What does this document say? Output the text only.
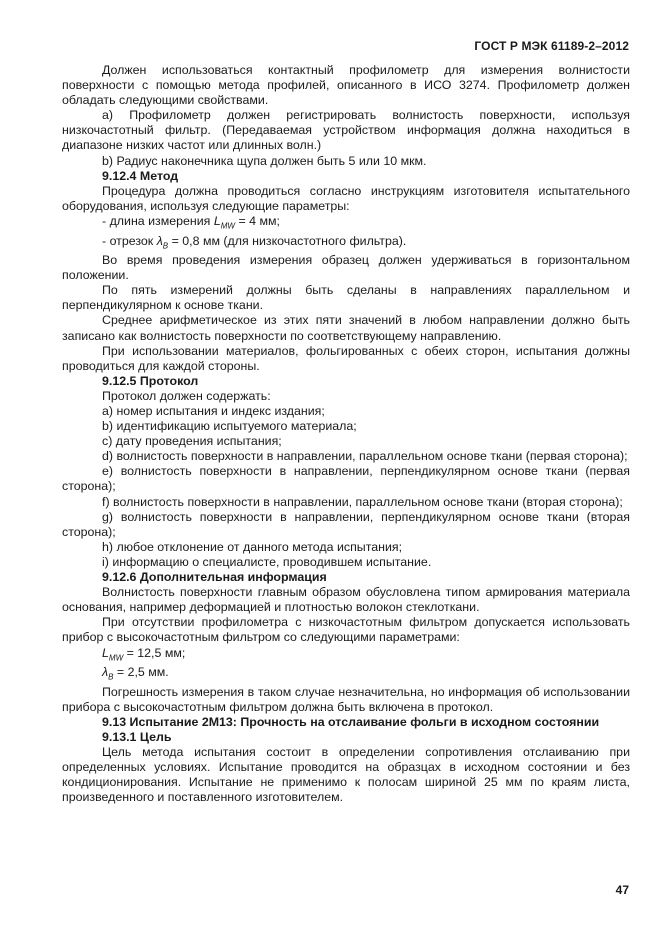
ГОСТ Р МЭК 61189-2–2012

Должен использоваться контактный профилометр для измерения волнистости поверхности с помощью метода профилей, описанного в ИСО 3274. Профилометр должен обладать следующими свойствами.

a) Профилометр должен регистрировать волнистость поверхности, используя низкочастотный фильтр. (Передаваемая устройством информация должна находиться в диапазоне низких частот или длинных волн.)

b) Радиус наконечника щупа должен быть 5 или 10 мкм.

9.12.4 Метод

Процедура должна проводиться согласно инструкциям изготовителя испытательного оборудования, используя следующие параметры:

- длина измерения $L_{MW} = 4$ мм;

- отрезок $\lambda_B = 0,8$ мм (для низкочастотного фильтра).

Во время проведения измерения образец должен удерживаться в горизонтальном положении.

По пять измерений должны быть сделаны в направлениях параллельном и перпендикулярном к основе ткани.

Среднее арифметическое из этих пяти значений в любом направлении должно быть записано как волнистость поверхности по соответствующему направлению.

При использовании материалов, фольгированных с обеих сторон, испытания должны проводиться для каждой стороны.

9.12.5 Протокол

Протокол должен содержать:

a) номер испытания и индекс издания;

b) идентификацию испытуемого материала;

c) дату проведения испытания;

d) волнистость поверхности в направлении, параллельном основе ткани (первая сторона);

e) волнистость поверхности в направлении, перпендикулярном основе ткани (первая сторона);

f) волнистость поверхности в направлении, параллельном основе ткани (вторая сторона);

g) волнистость поверхности в направлении, перпендикулярном основе ткани (вторая сторона);

h) любое отклонение от данного метода испытания;

i) информацию о специалисте, проводившем испытание.

9.12.6 Дополнительная информация

Волнистость поверхности главным образом обусловлена типом армирования материала основания, например деформацией и плотностью волокон стеклоткани.

При отсутствии профилометра с низкочастотным фильтром допускается использовать прибор с высокочастотным фильтром со следующими параметрами:

$L_{MW} = 12,5$ мм;

$\lambda_B = 2,5$ мм.

Погрешность измерения в таком случае незначительна, но информация об использовании прибора с высокочастотным фильтром должна быть включена в протокол.

9.13 Испытание 2M13: Прочность на отслаивание фольги в исходном состоянии

9.13.1 Цель

Цель метода испытания состоит в определении сопротивления отслаиванию при определенных условиях. Испытание проводится на образцах в исходном состоянии и без кондиционирования. Испытание не применимо к полосам шириной 25 мм по краям листа, произведенного и поставленного изготовителем.

47
